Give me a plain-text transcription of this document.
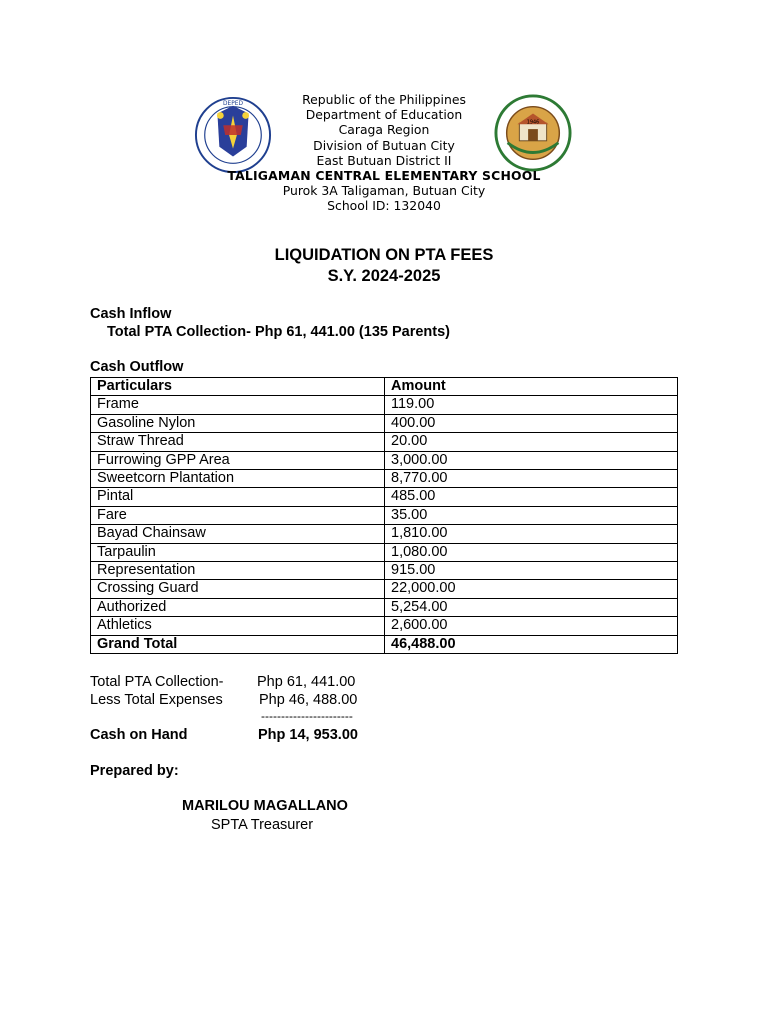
DEPED
1946
Republic of the Philippines
Department of Education
Caraga Region
Division of Butuan City
East Butuan District II
TALIGAMAN CENTRAL ELEMENTARY SCHOOL
Purok 3A Taligaman, Butuan City
School ID: 132040
LIQUIDATION ON PTA FEES
S.Y. 2024-2025
Cash Inflow
Total PTA Collection- Php 61, 441.00 (135 Parents)
Cash Outflow
Particulars	Amount
Frame	119.00
Gasoline Nylon	400.00
Straw Thread	20.00
Furrowing GPP Area	3,000.00
Sweetcorn Plantation	8,770.00
Pintal	485.00
Fare	35.00
Bayad Chainsaw	1,810.00
Tarpaulin	1,080.00
Representation	915.00
Crossing Guard	22,000.00
Authorized	5,254.00
Athletics	2,600.00
Grand Total	46,488.00
Total PTA Collection- Php 61, 441.00
Less Total Expenses	Php 46, 488.00
-----------------------
Cash on Hand	Php 14, 953.00
Prepared by:
MARILOU MAGALLANO
SPTA Treasurer
